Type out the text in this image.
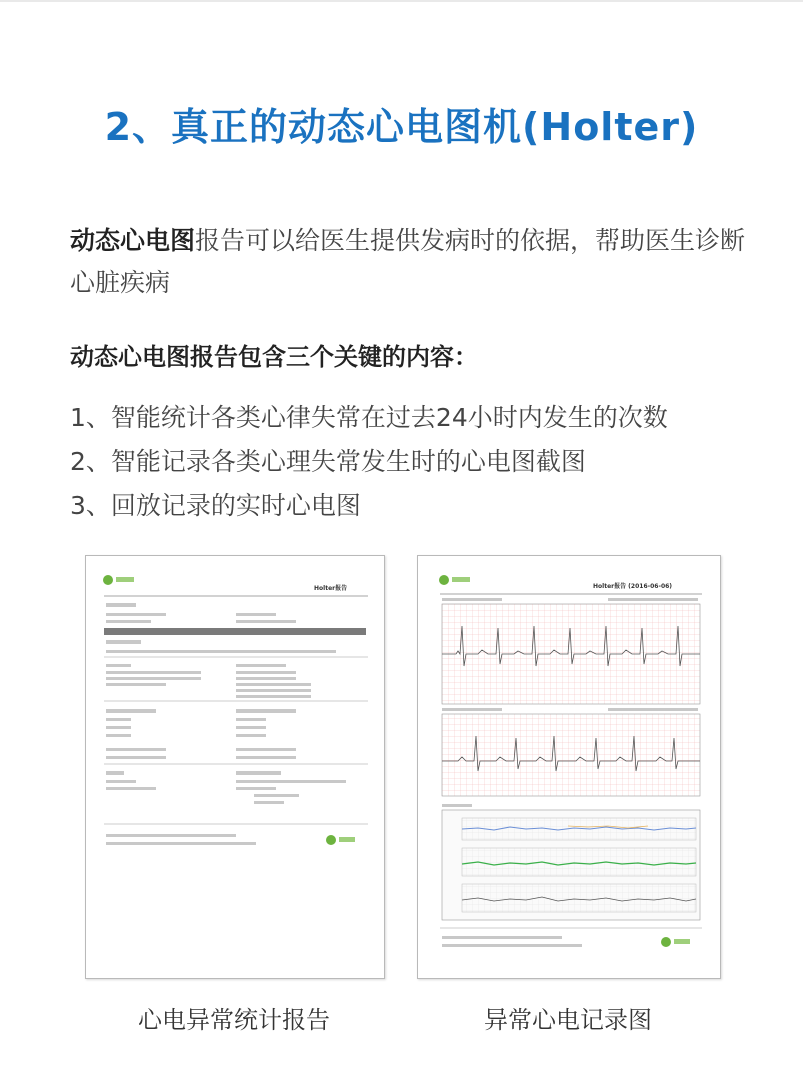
2、真正的动态心电图机(Holter)
动态心电图报告可以给医生提供发病时的依据，帮助医生诊断心脏疾病
动态心电图报告包含三个关键的内容：
1、智能统计各类心律失常在过去24小时内发生的次数
2、智能记录各类心理失常发生时的心电图截图
3、回放记录的实时心电图
Holter报告	Holter报告 (2016-06-06)
心电异常统计报告	异常心电记录图
